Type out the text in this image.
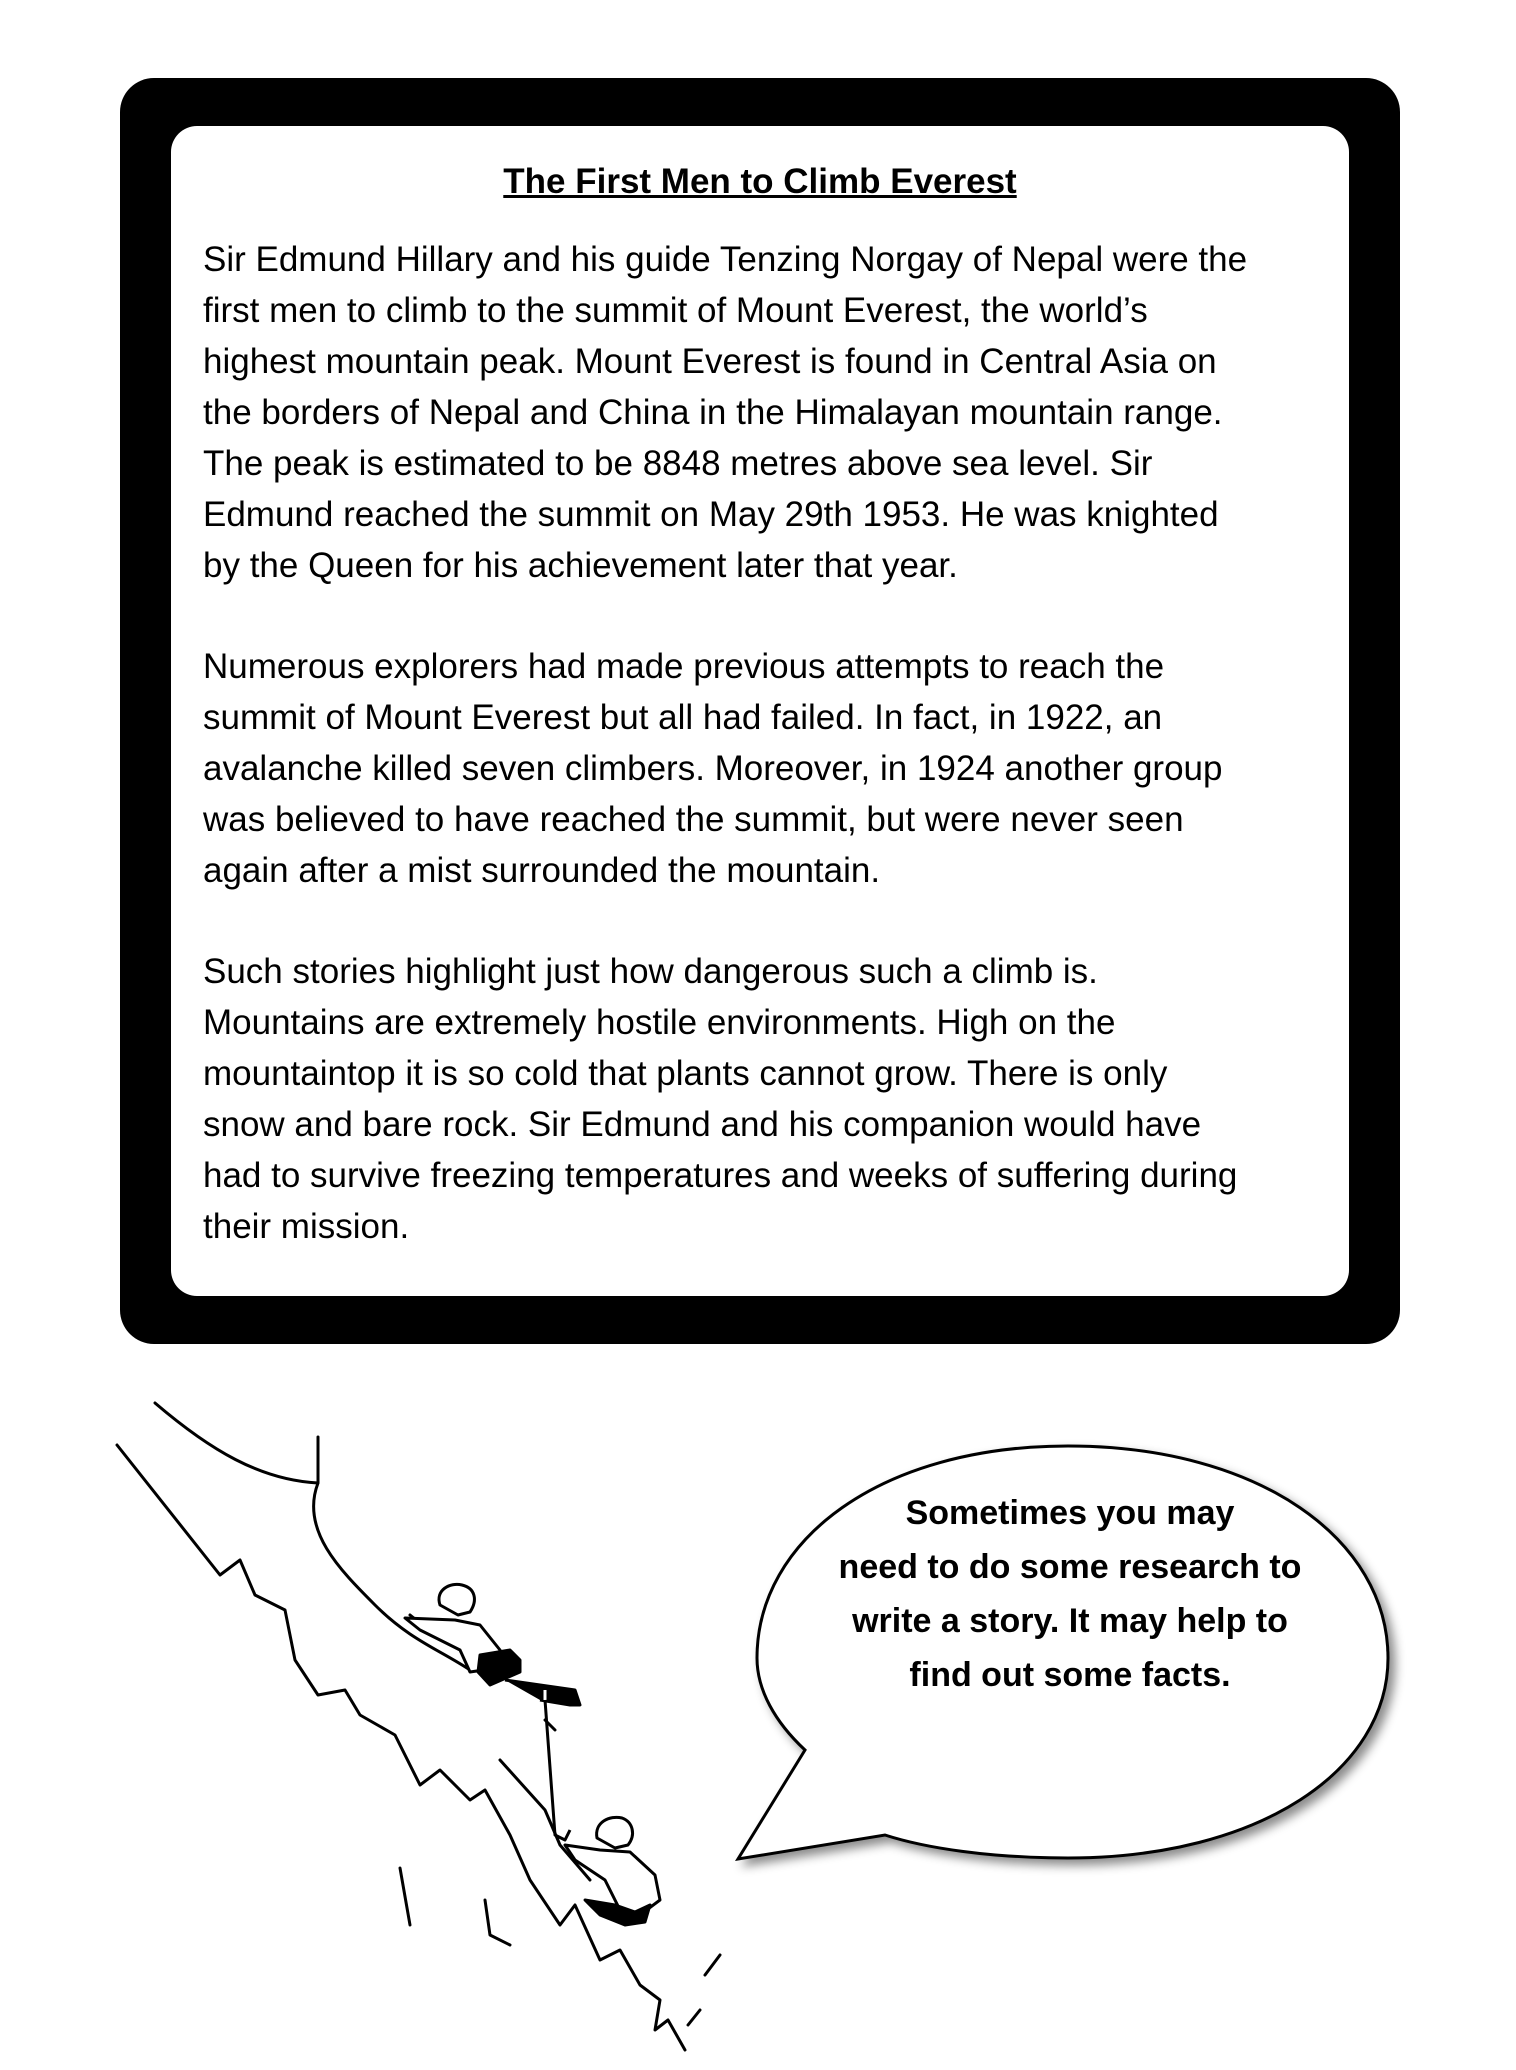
The First Men to Climb Everest

Sir Edmund Hillary and his guide Tenzing Norgay of Nepal were the
first men to climb to the summit of Mount Everest, the world’s
highest mountain peak. Mount Everest is found in Central Asia on
the borders of Nepal and China in the Himalayan mountain range.
The peak is estimated to be 8848 metres above sea level. Sir
Edmund reached the summit on May 29th 1953. He was knighted
by the Queen for his achievement later that year.

Numerous explorers had made previous attempts to reach the
summit of Mount Everest but all had failed. In fact, in 1922, an
avalanche killed seven climbers. Moreover, in 1924 another group
was believed to have reached the summit, but were never seen
again after a mist surrounded the mountain.

Such stories highlight just how dangerous such a climb is.
Mountains are extremely hostile environments. High on the
mountaintop it is so cold that plants cannot grow. There is only
snow and bare rock. Sir Edmund and his companion would have
had to survive freezing temperatures and weeks of suffering during
their mission.

Sometimes you may
need to do some research to
write a story. It may help to
find out some facts.
